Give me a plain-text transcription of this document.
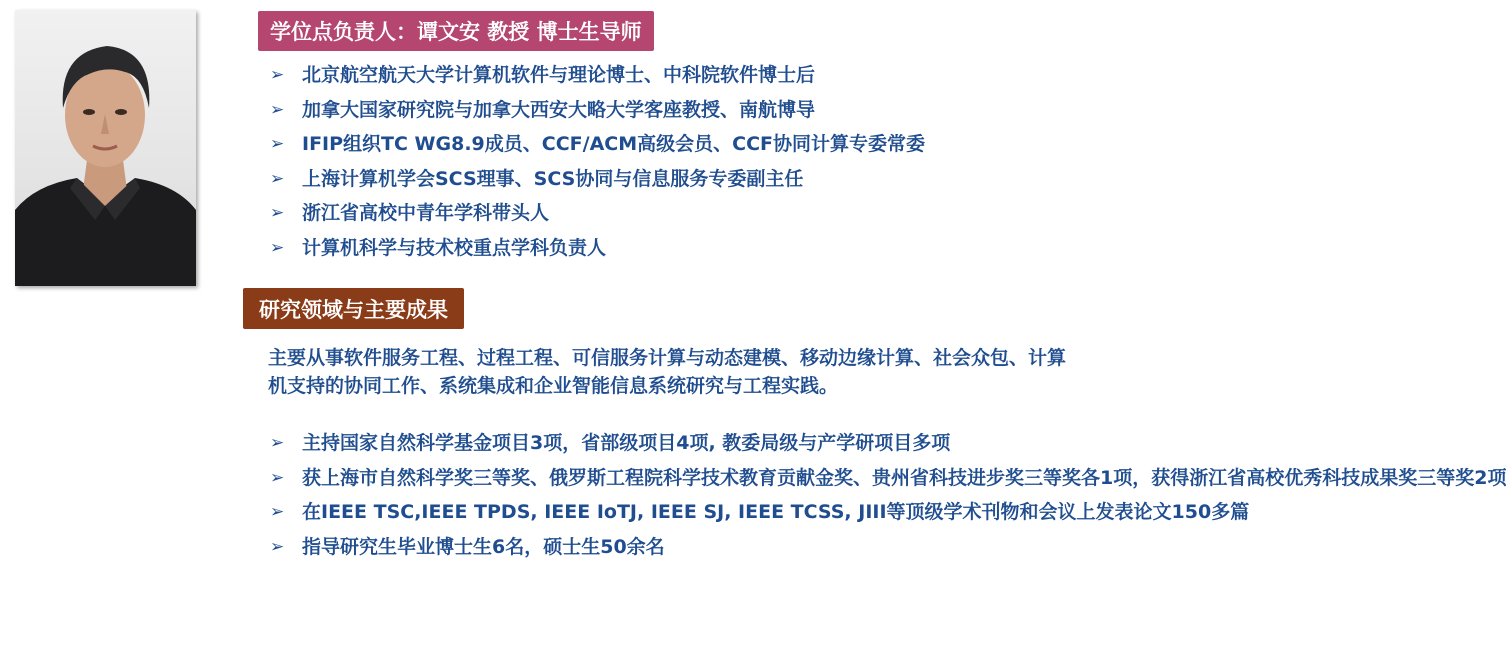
学位点负责人：谭文安 教授 博士生导师
➢ 北京航空航天大学计算机软件与理论博士、中科院软件博士后
➢ 加拿大国家研究院与加拿大西安大略大学客座教授、南航博导
➢ IFIP组织TC WG8.9成员、CCF/ACM高级会员、CCF协同计算专委常委
➢ 上海计算机学会SCS理事、SCS协同与信息服务专委副主任
➢ 浙江省高校中青年学科带头人
➢ 计算机科学与技术校重点学科负责人
研究领域与主要成果

主要从事软件服务工程、过程工程、可信服务计算与动态建模、移动边缘计算、社会众包、计算机支持的协同工作、系统集成和企业智能信息系统研究与工程实践。

➢ 主持国家自然科学基金项目3项，省部级项目4项, 教委局级与产学研项目多项
➢ 获上海市自然科学奖三等奖、俄罗斯工程院科学技术教育贡献金奖、贵州省科技进步奖三等奖各1项，获得浙江省高校优秀科技成果奖三等奖2项
➢ 在IEEE TSC,IEEE TPDS, IEEE IoTJ, IEEE SJ, IEEE TCSS, JIII等顶级学术刊物和会议上发表论文150多篇
➢ 指导研究生毕业博士生6名，硕士生50余名
